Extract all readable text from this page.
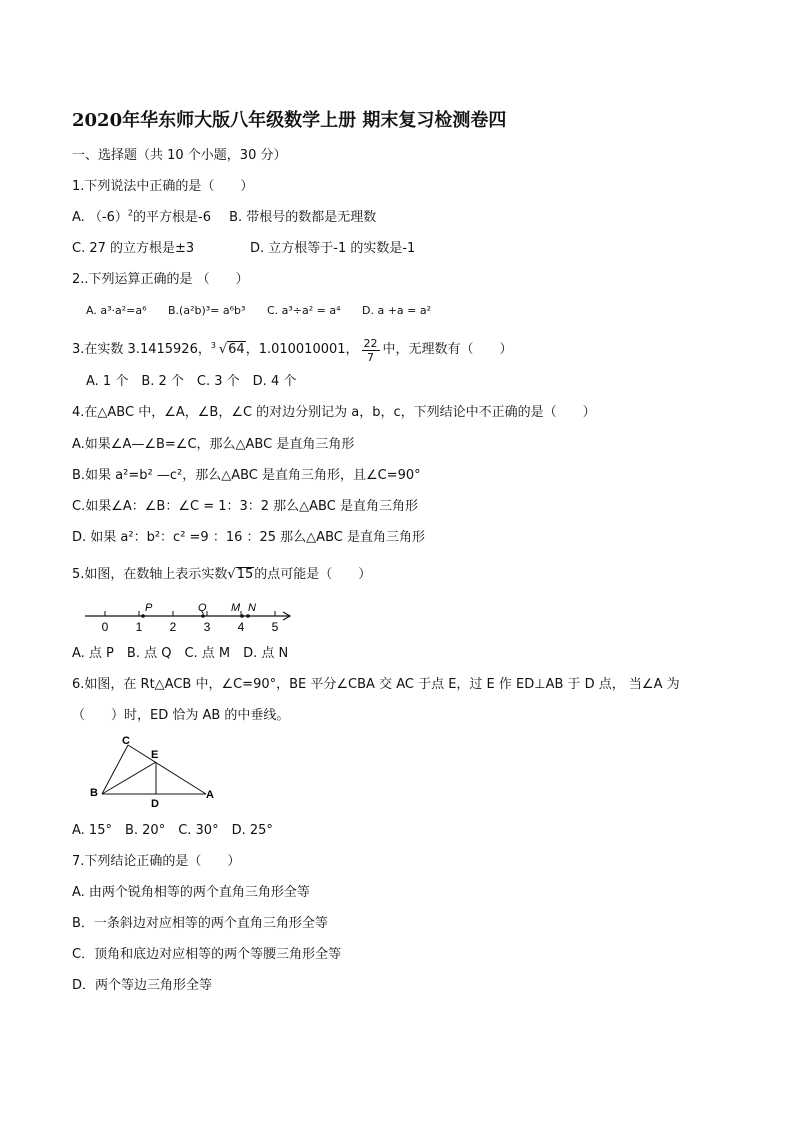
2020年华东师大版八年级数学上册 期末复习检测卷四
一、选择题（共 10 个小题，30 分）
1.下列说法中正确的是（　　）
A. $(-6)^2$的平方根是-6 B. 带根号的数都是无理数
C. 27 的立方根是±3	D. 立方根等于-1 的实数是-1
2..下列运算正确的是 （　　）
A. a³·a²=a⁶ B.(a²b)³= a⁶b³ C. a³÷a² = a⁴ D. a +a = a²
3.在实数 3.1415926， 3 √64 ，1.010010001， $\frac{22}{7}$ 中，无理数有（　　）
A. 1 个　B. 2 个　C. 3 个　D. 4 个
4.在△ABC 中，∠A，∠B，∠C 的对边分别记为 a，b，c，下列结论中不正确的是（　　）
A.如果∠A—∠B=∠C，那么△ABC 是直角三角形
B.如果 a²=b² —c²，那么△ABC 是直角三角形，且∠C=90°
C.如果∠A：∠B：∠C = 1：3：2 那么△ABC 是直角三角形
D. 如果 a²：b²：c² =9 ：16 ：25 那么△ABC 是直角三角形
5.如图，在数轴上表示实数√15的点可能是（　　）
0 1 2 3 4 5
P	Q M N
A. 点 P　B. 点 Q　C. 点 M　D. 点 N
6.如图，在 Rt△ACB 中，∠C=90°，BE 平分∠CBA 交 AC 于点 E，过 E 作 ED⊥AB 于 D 点， 当∠A 为
（　　）时，ED 恰为 AB 的中垂线。
C
E
B
D
A
A. 15°　B. 20°　C. 30°　D. 25°
7.下列结论正确的是（　　）
A. 由两个锐角相等的两个直角三角形全等
B．一条斜边对应相等的两个直角三角形全等
C．顶角和底边对应相等的两个等腰三角形全等
D．两个等边三角形全等
